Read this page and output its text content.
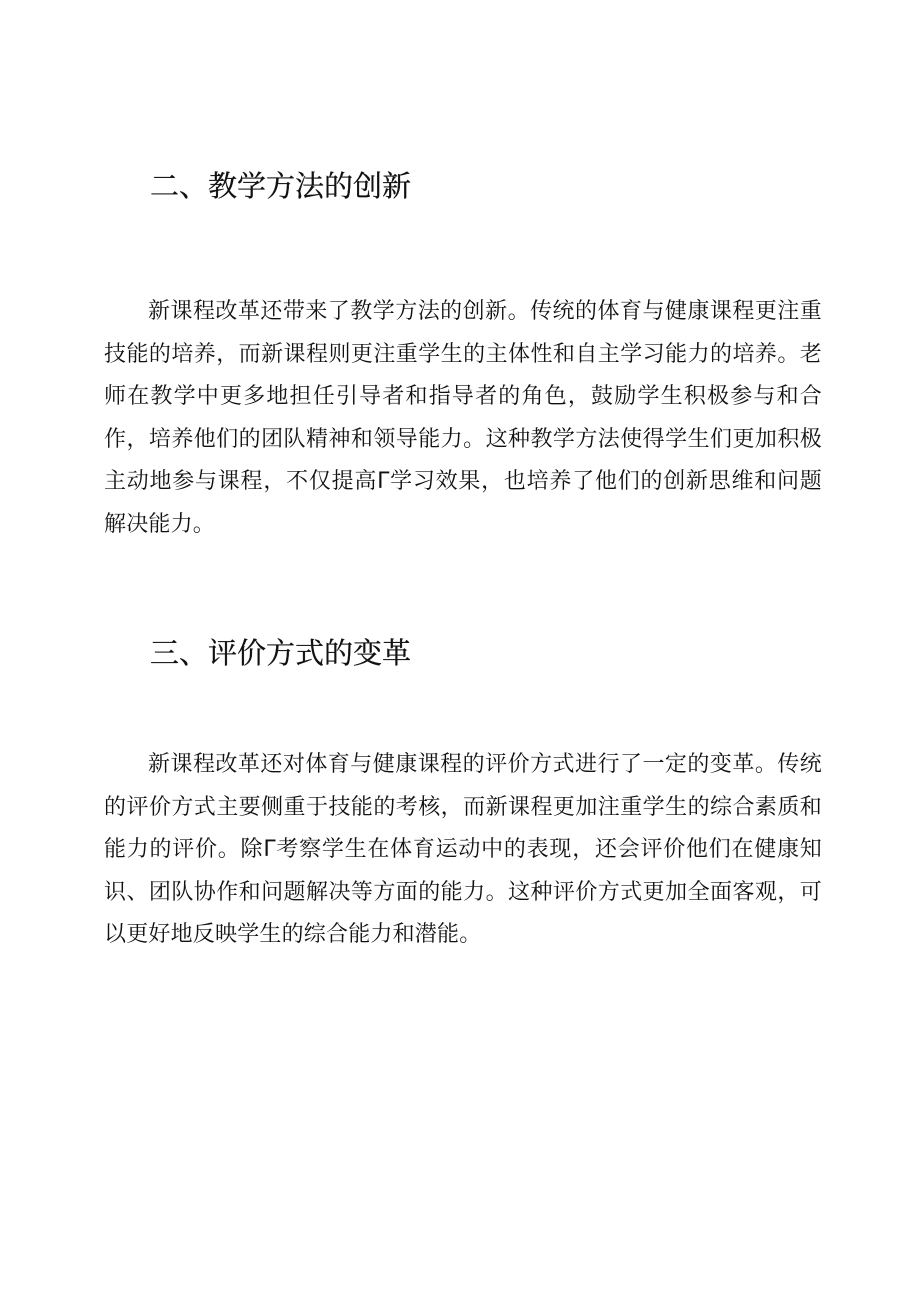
二、教学方法的创新

新课程改革还带来了教学方法的创新。传统的体育与健康课程更注重技能的培养，而新课程则更注重学生的主体性和自主学习能力的培养。老师在教学中更多地担任引导者和指导者的角色，鼓励学生积极参与和合作，培养他们的团队精神和领导能力。这种教学方法使得学生们更加积极主动地参与课程，不仅提高Γ学习效果，也培养了他们的创新思维和问题解决能力。

三、评价方式的变革

新课程改革还对体育与健康课程的评价方式进行了一定的变革。传统的评价方式主要侧重于技能的考核，而新课程更加注重学生的综合素质和能力的评价。除Γ考察学生在体育运动中的表现，还会评价他们在健康知识、团队协作和问题解决等方面的能力。这种评价方式更加全面客观，可以更好地反映学生的综合能力和潜能。
